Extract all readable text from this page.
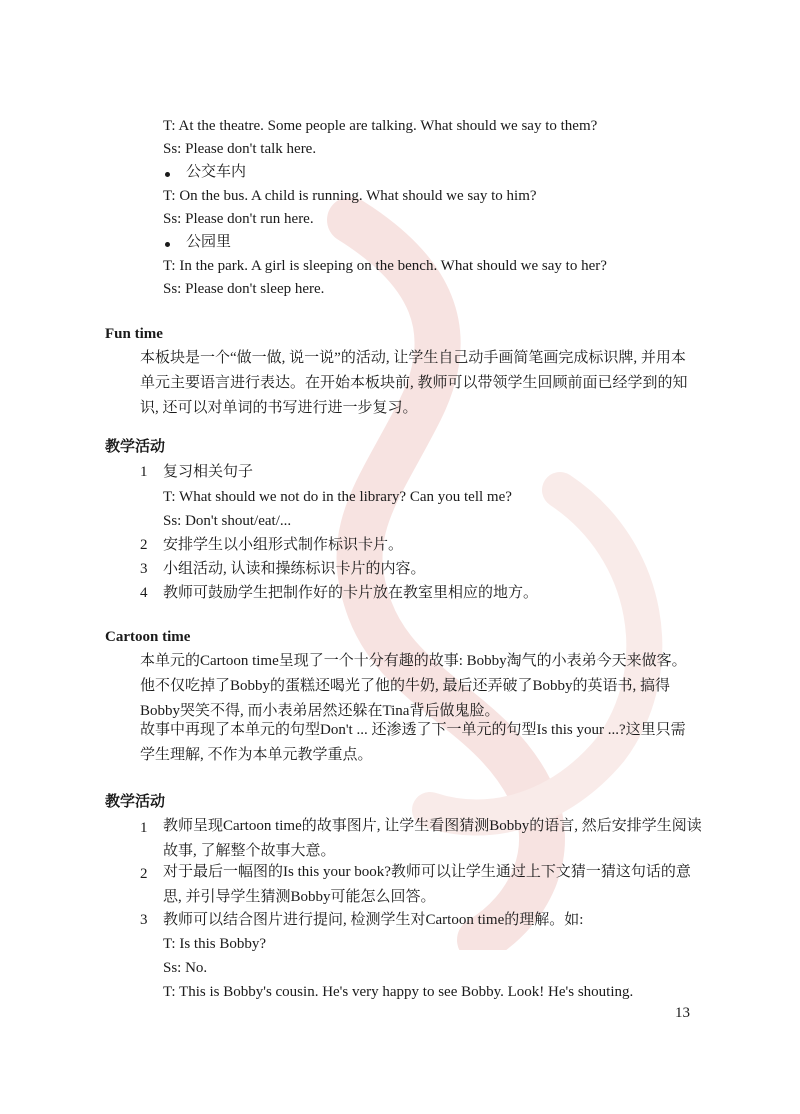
T: At the theatre. Some people are talking. What should we say to them?
Ss: Please don't talk here.
公交车内
T: On the bus. A child is running. What should we say to him?
Ss: Please don't run here.
公园里
T: In the park. A girl is sleeping on the bench. What should we say to her?
Ss: Please don't sleep here.
Fun time
本板块是一个“做一做, 说一说”的活动, 让学生自己动手画简笔画完成标识牌, 并用本单元主要语言进行表达。在开始本板块前, 教师可以带领学生回顾前面已经学到的知识, 还可以对单词的书写进行进一步复习。
教学活动
1 复习相关句子
T: What should we not do in the library? Can you tell me?
Ss: Don't shout/eat/...
2 安排学生以小组形式制作标识卡片。
3 小组活动, 认读和操练标识卡片的内容。
4 教师可鼓励学生把制作好的卡片放在教室里相应的地方。
Cartoon time
本单元的Cartoon time呈现了一个十分有趣的故事: Bobby淘气的小表弟今天来做客。他不仅吃掉了Bobby的蛋糕还喝光了他的牛奶, 最后还弄破了Bobby的英语书, 搞得Bobby哭笑不得, 而小表弟居然还躲在Tina背后做鬼脸。
故事中再现了本单元的句型Don't ... 还渗透了下一单元的句型Is this your ...?这里只需学生理解, 不作为本单元教学重点。
教学活动
1 教师呈现Cartoon time的故事图片, 让学生看图猜测Bobby的语言, 然后安排学生阅读故事, 了解整个故事大意。
2 对于最后一幅图的Is this your book?教师可以让学生通过上下文猜一猜这句话的意思, 并引导学生猜测Bobby可能怎么回答。
3 教师可以结合图片进行提问, 检测学生对Cartoon time的理解。如:
T: Is this Bobby?
Ss: No.
T: This is Bobby's cousin. He's very happy to see Bobby. Look! He's shouting.
13
